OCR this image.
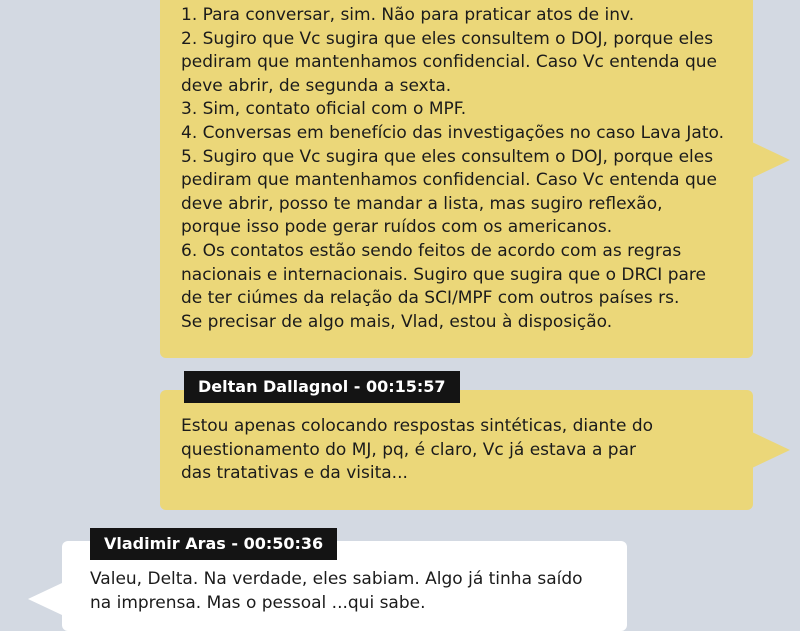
1. Para conversar, sim. Não para praticar atos de inv.
2. Sugiro que Vc sugira que eles consultem o DOJ, porque eles
pediram que mantenhamos confidencial. Caso Vc entenda que
deve abrir, de segunda a sexta.
3. Sim, contato oficial com o MPF.
4. Conversas em benefício das investigações no caso Lava Jato.
5. Sugiro que Vc sugira que eles consultem o DOJ, porque eles
pediram que mantenhamos confidencial. Caso Vc entenda que
deve abrir, posso te mandar a lista, mas sugiro reflexão,
porque isso pode gerar ruídos com os americanos.
6. Os contatos estão sendo feitos de acordo com as regras
nacionais e internacionais. Sugiro que sugira que o DRCI pare
de ter ciúmes da relação da SCI/MPF com outros países rs.
Se precisar de algo mais, Vlad, estou à disposição.
Estou apenas colocando respostas sintéticas, diante do
questionamento do MJ, pq, é claro, Vc já estava a par
das tratativas e da visita...
Deltan Dallagnol - 00:15:57
Valeu, Delta. Na verdade, eles sabiam. Algo já tinha saído
na imprensa. Mas o pessoal ...qui sabe.
Vladimir Aras - 00:50:36
